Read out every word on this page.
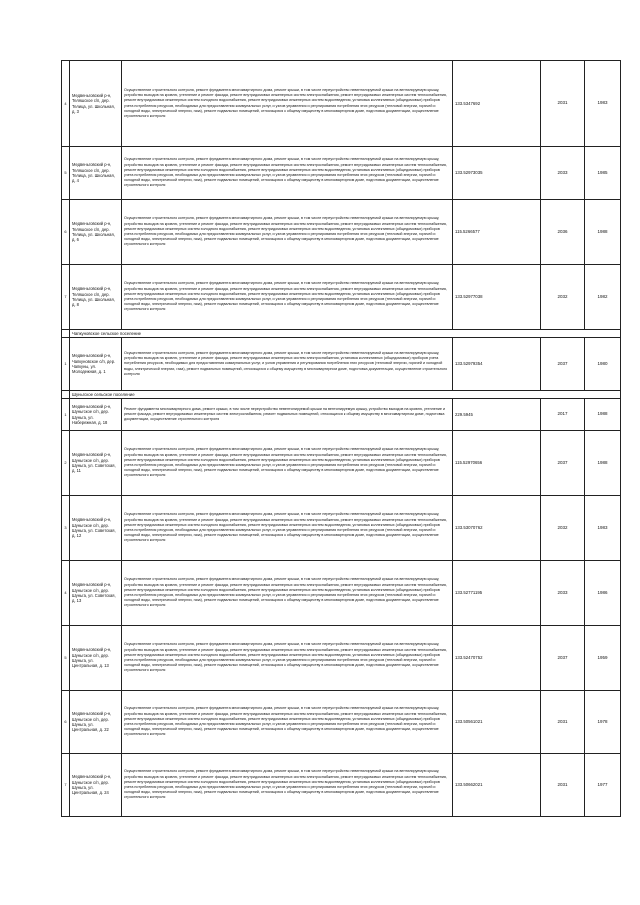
4	Медвеньговский р-н, Теляшское с/п, дер. Телица, ул. Школьная, д. 3	Осуществление строительного контроля, ремонт фундамента многоквартирного дома, ремонт крыши, в том числе переустройство невентилируемой крыши на вентилируемую крышу, устройство выходов на кровлю, утепление и ремонт фасада, ремонт внутридомовых инженерных систем электроснабжения, ремонт внутридомовых инженерных систем теплоснабжения, ремонт внутридомовых инженерных систем холодного водоснабжения, ремонт внутридомовых инженерных систем водоотведения, установка коллективных (общедомовых) приборов учета потребления ресурсов, необходимых для предоставления коммунальных услуг, и узлов управления и регулирования потребления этих ресурсов (тепловой энергии, горячей и холодной воды, электрической энергии, газа), ремонт подвальных помещений, относящихся к общему имуществу в многоквартирном доме, подготовка документации, осуществление строительного контроля	133.5347692	2031	1983
5	Медвеньговский р-н, Теляшское с/п, дер. Телица, ул. Школьная, д. 4	Осуществление строительного контроля, ремонт фундамента многоквартирного дома, ремонт крыши, в том числе переустройство невентилируемой крыши на вентилируемую крышу, устройство выходов на кровлю, утепление и ремонт фасада, ремонт внутридомовых инженерных систем электроснабжения, ремонт внутридомовых инженерных систем теплоснабжения, ремонт внутридомовых инженерных систем холодного водоснабжения, ремонт внутридомовых инженерных систем водоотведения, установка коллективных (общедомовых) приборов учета потребления ресурсов, необходимых для предоставления коммунальных услуг, и узлов управления и регулирования потребления этих ресурсов (тепловой энергии, горячей и холодной воды, электрической энергии, газа), ремонт подвальных помещений, относящихся к общему имуществу в многоквартирном доме, подготовка документации, осуществление строительного контроля	133.52973035	2033	1985
6	Медвеньговский р-н, Теляшское с/п, дер. Телица, ул. Школьная, д. 6	Осуществление строительного контроля, ремонт фундамента многоквартирного дома, ремонт крыши, в том числе переустройство невентилируемой крыши на вентилируемую крышу, устройство выходов на кровлю, утепление и ремонт фасада, ремонт внутридомовых инженерных систем электроснабжения, ремонт внутридомовых инженерных систем теплоснабжения, ремонт внутридомовых инженерных систем холодного водоснабжения, ремонт внутридомовых инженерных систем водоотведения, установка коллективных (общедомовых) приборов учета потребления ресурсов, необходимых для предоставления коммунальных услуг, и узлов управления и регулирования потребления этих ресурсов (тепловой энергии, горячей и холодной воды, электрической энергии, газа), ремонт подвальных помещений, относящихся к общему имуществу в многоквартирном доме, подготовка документации, осуществление строительного контроля	115.5266577	2036	1988
7	Медвеньговский р-н, Теляшское с/п, дер. Телица, ул. Школьная, д. 8	Осуществление строительного контроля, ремонт фундамента многоквартирного дома, ремонт крыши, в том числе переустройство невентилируемой крыши на вентилируемую крышу, устройство выходов на кровлю, утепление и ремонт фасада, ремонт внутридомовых инженерных систем электроснабжения, ремонт внутридомовых инженерных систем теплоснабжения, ремонт внутридомовых инженерных систем холодного водоснабжения, ремонт внутридомовых инженерных систем водоотведения, установка коллективных (общедомовых) приборов учета потребления ресурсов, необходимых для предоставления коммунальных услуг, и узлов управления и регулирования потребления этих ресурсов (тепловой энергии, горячей и холодной воды, электрической энергии, газа), ремонт подвальных помещений, относящихся к общему имуществу в многоквартирном доме, подготовка документации, осуществление строительного контроля	133.52977038	2032	1982
	Чапкуновское сельское поселение				
1	Медвеньговский р-н, Чапкуновское с/п, дер. Чапкуны, ул. Молодежная, д. 1	Осуществление строительного контроля, ремонт фундамента многоквартирного дома, ремонт крыши, в том числе переустройство невентилируемой крыши на вентилируемую крышу, устройство выходов на кровлю, утепление и ремонт фасада, ремонт внутридомовых инженерных систем электроснабжения, установка коллективных (общедомовых) приборов учета потребления ресурсов, необходимых для предоставления коммунальных услуг, и узлов управления и регулирования потребления этих ресурсов (тепловой энергии, горячей и холодной воды, электрической энергии, газа), ремонт подвальных помещений, относящихся к общему имуществу в многоквартирном доме, подготовка документации, осуществление строительного контроля	133.52979354	2037	1980
	Шуньгское сельское поселение				
1	Медвеньговский р-н, Шуньгское с/п, дер. Шуньга, ул. Набережная, д. 18	Ремонт фундамента многоквартирного дома, ремонт крыши, в том числе переустройство невентилируемой крыши на вентилируемую крышу, устройство выходов на кровлю, утепление и ремонт фасада, ремонт внутридомовых инженерных систем электроснабжения, ремонт подвальных помещений, относящихся к общему имуществу в многоквартирном доме, подготовка документации, осуществление строительного контроля	229.5945	2017	1988
2	Медвеньговский р-н, Шуньгское с/п, дер. Шуньга, ул. Советская, д. 11	Осуществление строительного контроля, ремонт фундамента многоквартирного дома, ремонт крыши, в том числе переустройство невентилируемой крыши на вентилируемую крышу, устройство выходов на кровлю, утепление и ремонт фасада, ремонт внутридомовых инженерных систем электроснабжения, ремонт внутридомовых инженерных систем теплоснабжения, ремонт внутридомовых инженерных систем холодного водоснабжения, ремонт внутридомовых инженерных систем водоотведения, установка коллективных (общедомовых) приборов учета потребления ресурсов, необходимых для предоставления коммунальных услуг, и узлов управления и регулирования потребления этих ресурсов (тепловой энергии, горячей и холодной воды, электрической энергии, газа), ремонт подвальных помещений, относящихся к общему имуществу в многоквартирном доме, подготовка документации, осуществление строительного контроля	115.52970656	2037	1988
3	Медвеньговский р-н, Шуньгское с/п, дер. Шуньга, ул. Советская, д. 12	Осуществление строительного контроля, ремонт фундамента многоквартирного дома, ремонт крыши, в том числе переустройство невентилируемой крыши на вентилируемую крышу, устройство выходов на кровлю, утепление и ремонт фасада, ремонт внутридомовых инженерных систем электроснабжения, ремонт внутридомовых инженерных систем теплоснабжения, ремонт внутридомовых инженерных систем холодного водоснабжения, ремонт внутридомовых инженерных систем водоотведения, установка коллективных (общедомовых) приборов учета потребления ресурсов, необходимых для предоставления коммунальных услуг, и узлов управления и регулирования потребления этих ресурсов (тепловой энергии, горячей и холодной воды, электрической энергии, газа), ремонт подвальных помещений, относящихся к общему имуществу в многоквартирном доме, подготовка документации, осуществление строительного контроля	133.53070762	2032	1983
4	Медвеньговский р-н, Шуньгское с/п, дер. Шуньга, ул. Советская, д. 13	Осуществление строительного контроля, ремонт фундамента многоквартирного дома, ремонт крыши, в том числе переустройство невентилируемой крыши на вентилируемую крышу, устройство выходов на кровлю, утепление и ремонт фасада, ремонт внутридомовых инженерных систем электроснабжения, ремонт внутридомовых инженерных систем теплоснабжения, ремонт внутридомовых инженерных систем холодного водоснабжения, ремонт внутридомовых инженерных систем водоотведения, установка коллективных (общедомовых) приборов учета потребления ресурсов, необходимых для предоставления коммунальных услуг, и узлов управления и регулирования потребления этих ресурсов (тепловой энергии, горячей и холодной воды, электрической энергии, газа), ремонт подвальных помещений, относящихся к общему имуществу в многоквартирном доме, подготовка документации, осуществление строительного контроля	133.52771195	2033	1986
5	Медвеньговский р-н, Шуньгское с/п, дер. Шуньга, ул. Центральная, д. 13	Осуществление строительного контроля, ремонт фундамента многоквартирного дома, ремонт крыши, в том числе переустройство невентилируемой крыши на вентилируемую крышу, устройство выходов на кровлю, утепление и ремонт фасада, ремонт внутридомовых инженерных систем электроснабжения, ремонт внутридомовых инженерных систем теплоснабжения, ремонт внутридомовых инженерных систем холодного водоснабжения, ремонт внутридомовых инженерных систем водоотведения, установка коллективных (общедомовых) приборов учета потребления ресурсов, необходимых для предоставления коммунальных услуг, и узлов управления и регулирования потребления этих ресурсов (тепловой энергии, горячей и холодной воды, электрической энергии, газа), ремонт подвальных помещений, относящихся к общему имуществу в многоквартирном доме, подготовка документации, осуществление строительного контроля	133.52470752	2037	1959
6	Медвеньговский р-н, Шуньгское с/п, дер. Шуньга, ул. Центральная, д. 22	Осуществление строительного контроля, ремонт фундамента многоквартирного дома, ремонт крыши, в том числе переустройство невентилируемой крыши на вентилируемую крышу, устройство выходов на кровлю, утепление и ремонт фасада, ремонт внутридомовых инженерных систем электроснабжения, ремонт внутридомовых инженерных систем теплоснабжения, ремонт внутридомовых инженерных систем холодного водоснабжения, ремонт внутридомовых инженерных систем водоотведения, установка коллективных (общедомовых) приборов учета потребления ресурсов, необходимых для предоставления коммунальных услуг, и узлов управления и регулирования потребления этих ресурсов (тепловой энергии, горячей и холодной воды, электрической энергии, газа), ремонт подвальных помещений, относящихся к общему имуществу в многоквартирном доме, подготовка документации, осуществление строительного контроля	133.50561021	2031	1978
7	Медвеньговский р-н, Шуньгское с/п, дер. Шуньга, ул. Центральная, д. 24	Осуществление строительного контроля, ремонт фундамента многоквартирного дома, ремонт крыши, в том числе переустройство невентилируемой крыши на вентилируемую крышу, устройство выходов на кровлю, утепление и ремонт фасада, ремонт внутридомовых инженерных систем электроснабжения, ремонт внутридомовых инженерных систем теплоснабжения, ремонт внутридомовых инженерных систем холодного водоснабжения, ремонт внутридомовых инженерных систем водоотведения, установка коллективных (общедомовых) приборов учета потребления ресурсов, необходимых для предоставления коммунальных услуг, и узлов управления и регулирования потребления этих ресурсов (тепловой энергии, горячей и холодной воды, электрической энергии, газа), ремонт подвальных помещений, относящихся к общему имуществу в многоквартирном доме, подготовка документации, осуществление строительного контроля	133.50662021	2031	1977
